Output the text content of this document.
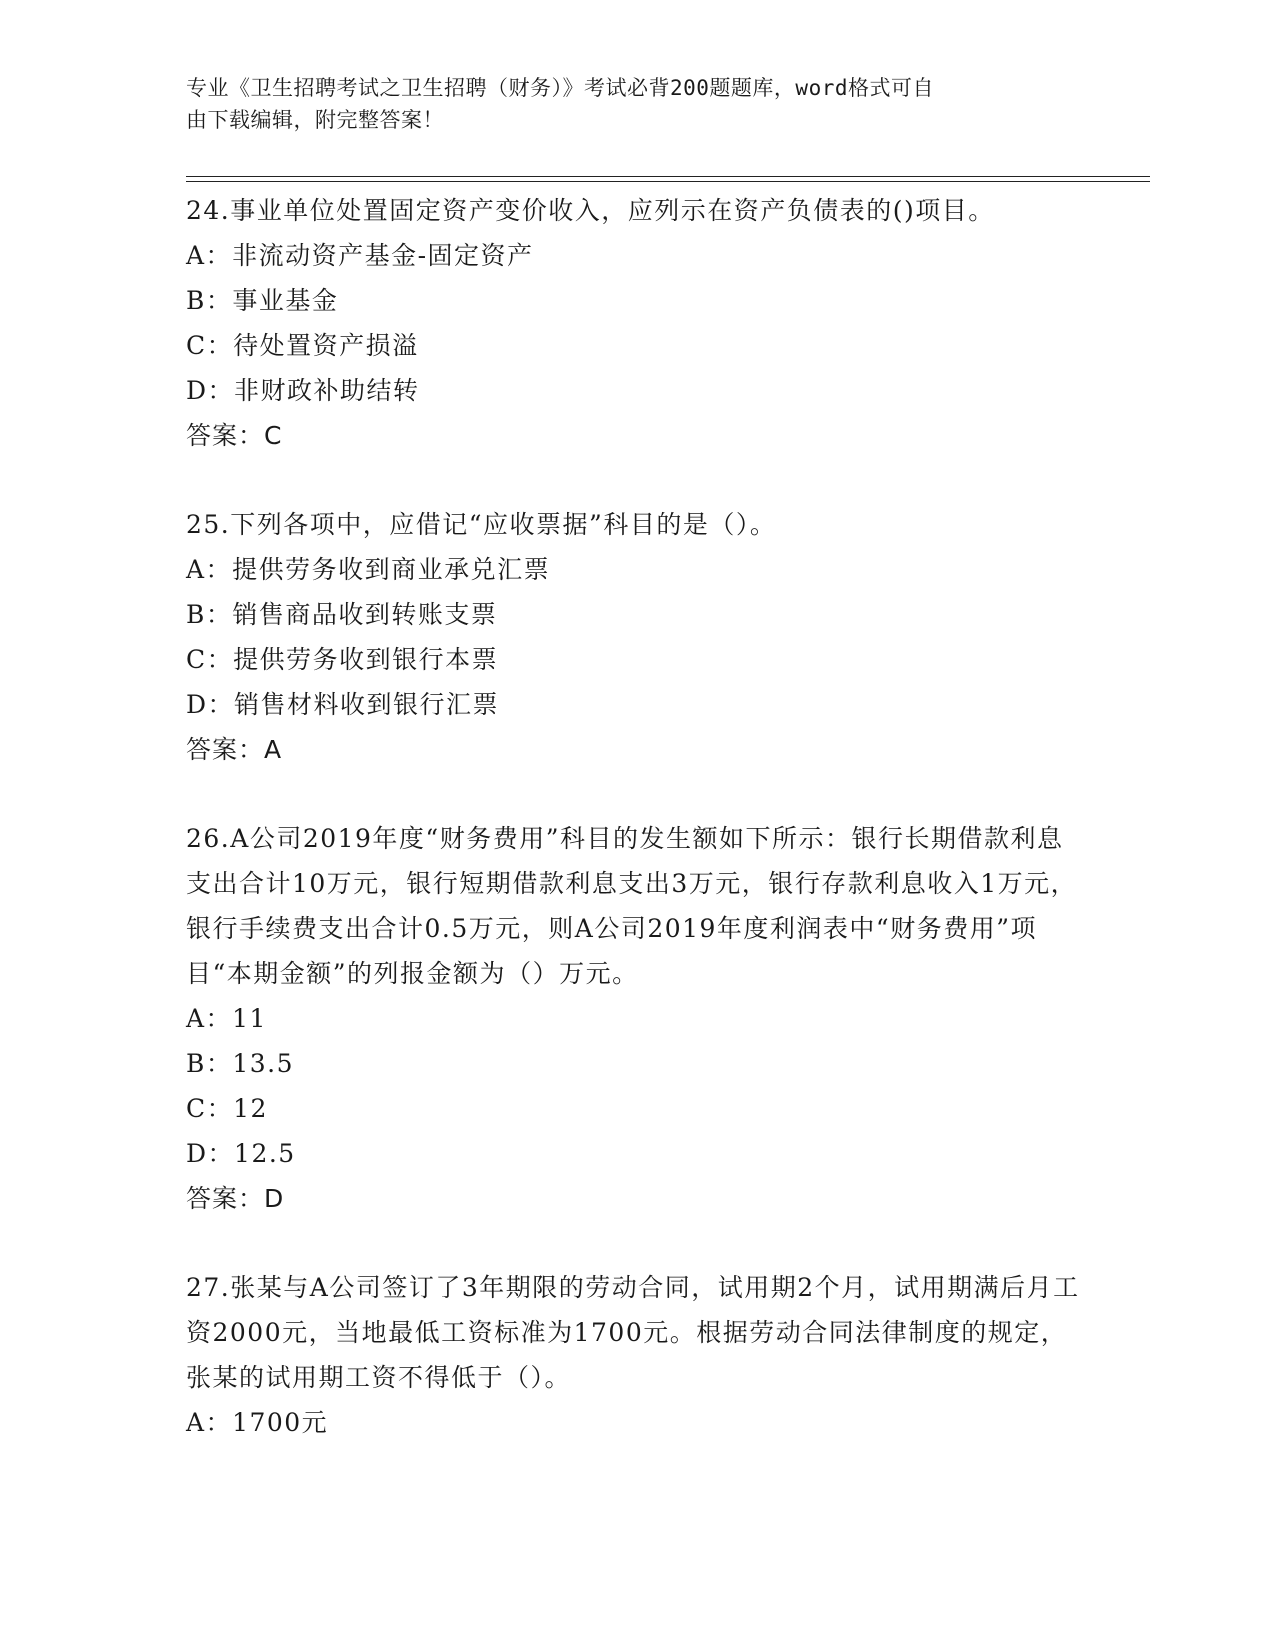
专业《卫生招聘考试之卫生招聘（财务）》考试必背200题题库，word格式可自
由下载编辑，附完整答案！

24.事业单位处置固定资产变价收入，应列示在资产负债表的()项目。

A：非流动资产基金-固定资产

B：事业基金

C：待处置资产损溢

D：非财政补助结转

答案：C

25.下列各项中，应借记“应收票据”科目的是（）。

A：提供劳务收到商业承兑汇票

B：销售商品收到转账支票

C：提供劳务收到银行本票

D：销售材料收到银行汇票

答案：A

26.A公司2019年度“财务费用”科目的发生额如下所示：银行长期借款利息支出合计10万元，银行短期借款利息支出3万元，银行存款利息收入1万元，银行手续费支出合计0.5万元，则A公司2019年度利润表中“财务费用”项目“本期金额”的列报金额为（）万元。

A：11

B：13.5

C：12

D：12.5

答案：D

27.张某与A公司签订了3年期限的劳动合同，试用期2个月，试用期满后月工资2000元，当地最低工资标准为1700元。根据劳动合同法律制度的规定，张某的试用期工资不得低于（）。

A：1700元
